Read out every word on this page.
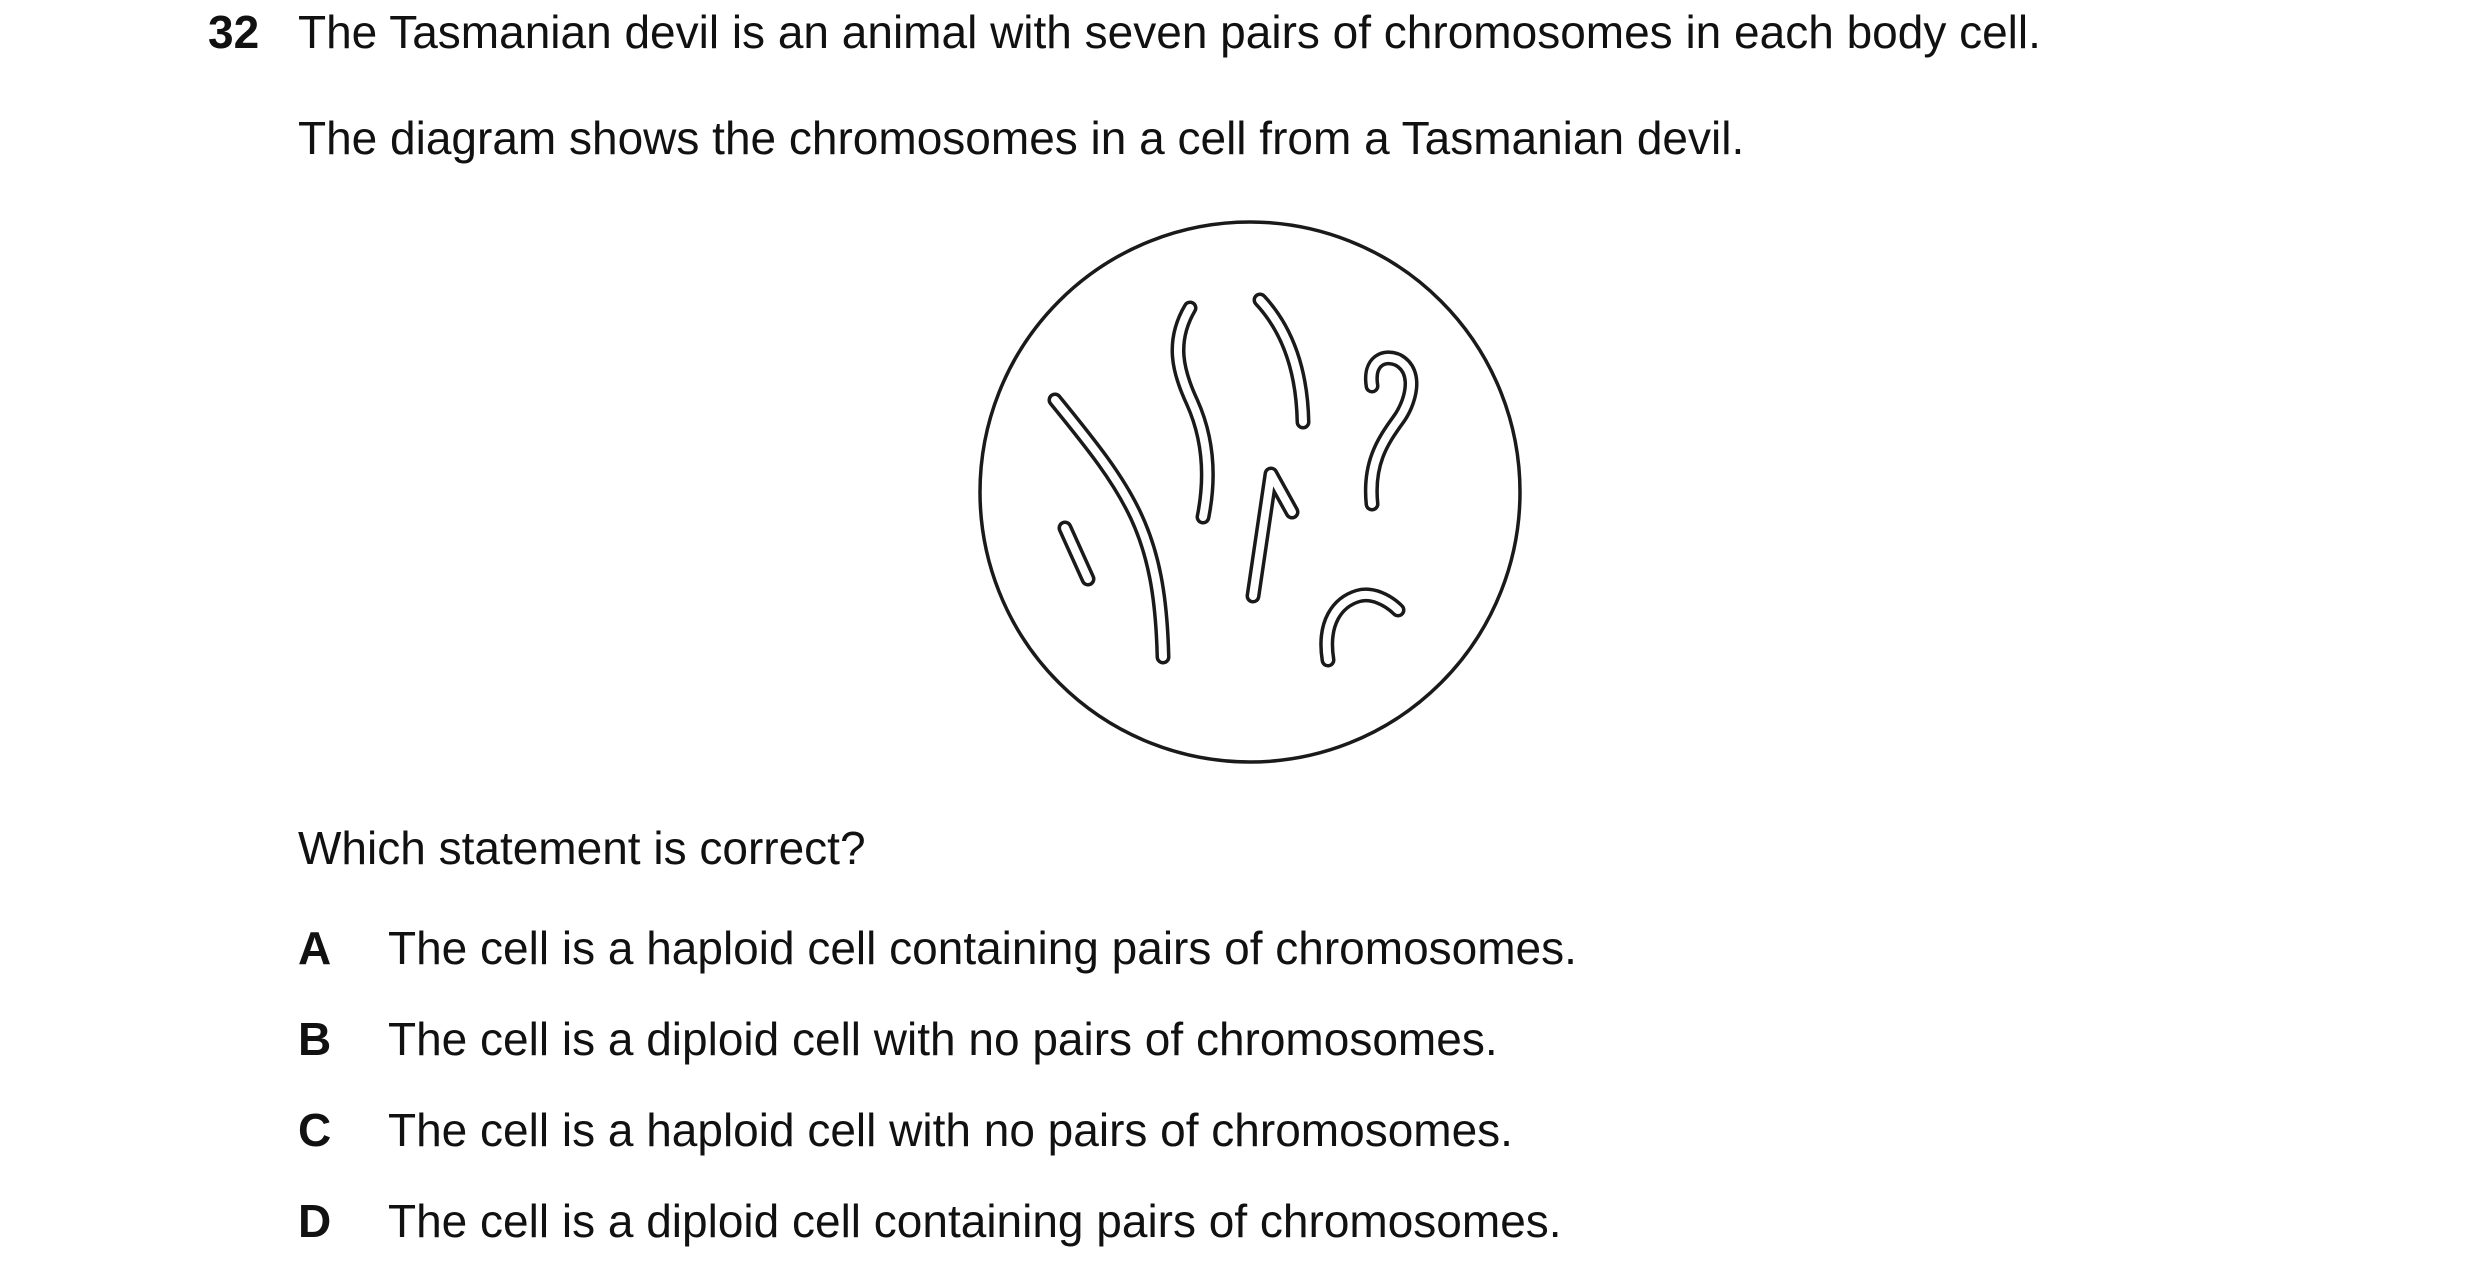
32 The Tasmanian devil is an animal with seven pairs of chromosomes in each body cell.
The diagram shows the chromosomes in a cell from a Tasmanian devil.
Which statement is correct?
A The cell is a haploid cell containing pairs of chromosomes.
B The cell is a diploid cell with no pairs of chromosomes.
C The cell is a haploid cell with no pairs of chromosomes.
D The cell is a diploid cell containing pairs of chromosomes.
